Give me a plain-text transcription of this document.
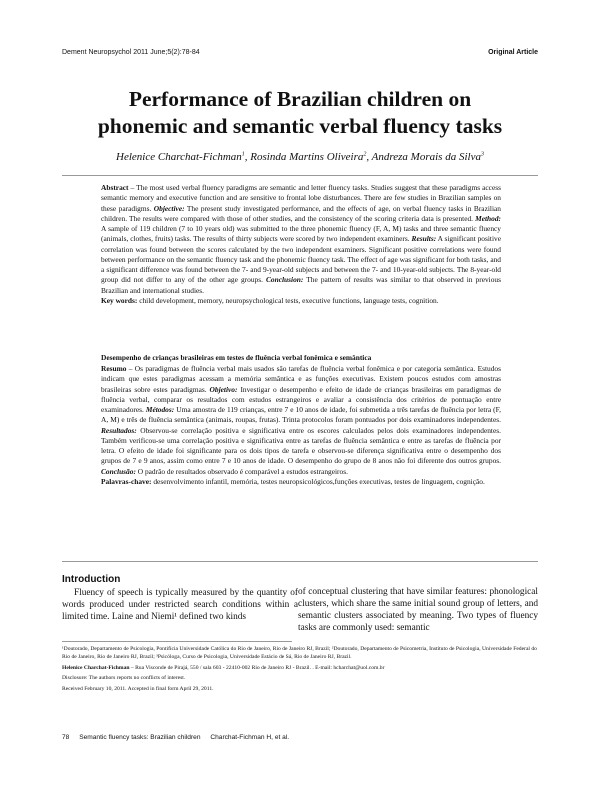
Dement Neuropsychol 2011 June;5(2):78-84	Original Article
Performance of Brazilian children on
phonemic and semantic verbal fluency tasks
Helenice Charchat-Fichman$^1$, Rosinda Martins Oliveira$^2$, Andreza Morais da Silva$^3$
Abstract – The most used verbal fluency paradigms are semantic and letter fluency tasks. Studies suggest that these paradigms access semantic memory and executive function and are sensitive to frontal lobe disturbances. There are few studies in Brazilian samples on these paradigms. Objective: The present study investigated performance, and the effects of age, on verbal fluency tasks in Brazilian children. The results were compared with those of other studies, and the consistency of the scoring criteria data is presented. Method: A sample of 119 children (7 to 10 years old) was submitted to the three phonemic fluency (F, A, M) tasks and three semantic fluency (animals, clothes, fruits) tasks. The results of thirty subjects were scored by two independent examiners. Results: A significant positive correlation was found between the scores calculated by the two independent examiners. Significant positive correlations were found between performance on the semantic fluency task and the phonemic fluency task. The effect of age was significant for both tasks, and a significant difference was found between the 7- and 9-year-old subjects and between the 7- and 10-year-old subjects. The 8-year-old group did not differ to any of the other age groups. Conclusion: The pattern of results was similar to that observed in previous Brazilian and international studies.
Key words: child development, memory, neuropsychological tests, executive functions, language tests, cognition.
Desempenho de crianças brasileiras em testes de fluência verbal fonêmica e semântica
Resumo – Os paradigmas de fluência verbal mais usados são tarefas de fluência verbal fonêmica e por categoria semântica. Estudos indicam que estes paradigmas acessam a memória semântica e as funções executivas. Existem poucos estudos com amostras brasileiras sobre estes paradigmas. Objetivo: Investigar o desempenho e efeito de idade de crianças brasileiras em paradigmas de fluência verbal, comparar os resultados com estudos estrangeiros e avaliar a consistência dos critérios de pontuação entre examinadores. Métodos: Uma amostra de 119 crianças, entre 7 e 10 anos de idade, foi submetida a três tarefas de fluência por letra (F, A, M) e três de fluência semântica (animais, roupas, frutas). Trinta protocolos foram pontuados por dois examinadores independentes. Resultados: Observou-se correlação positiva e significativa entre os escores calculados pelos dois examinadores independentes. Também verificou-se uma correlação positiva e significativa entre as tarefas de fluência semântica e entre as tarefas de fluência por letra. O efeito de idade foi significante para os dois tipos de tarefa e observou-se diferença significativa entre o desempenho dos grupos de 7 e 9 anos, assim como entre 7 e 10 anos de idade. O desempenho do grupo de 8 anos não foi diferente dos outros grupos. Conclusão: O padrão de resultados observado é comparável a estudos estrangeiros.
Palavras-chave: desenvolvimento infantil, memória, testes neuropsicológicos,funções executivas, testes de linguagem, cognição.
Introduction
Fluency of speech is typically measured by the quantity of words produced under restricted search conditions within a limited time. Laine and Niemi¹ defined two kinds
of conceptual clustering that have similar features: phonological clusters, which share the same initial sound group of letters, and semantic clusters associated by meaning. Two types of fluency tasks are commonly used: semantic

¹Doutorado, Departamento de Psicologia, Pontifícia Universidade Católica do Rio de Janeiro, Rio de Janeiro RJ, Brazil; ²Doutorado, Departamento de Psicometria, Instituto de Psicologia, Universidade Federal do Rio de Janeiro, Rio de Janeiro RJ, Brazil; ³Psicóloga, Curso de Psicologia, Universidade Estácio de Sá, Rio de Janeiro RJ, Brazil.

Helenice Charchat-Fichman – Rua Visconde de Pirajá, 550 / sala 603 - 22410-002 Rio de Janeiro RJ - Brazil. . E-mail: hcharchat@uol.com.br

Disclosure: The authors reports no conflicts of interest.

Received February 10, 2011. Accepted in final form April 29, 2011.

78 Semantic fluency tasks: Brazilian children Charchat-Fichman H, et al.
